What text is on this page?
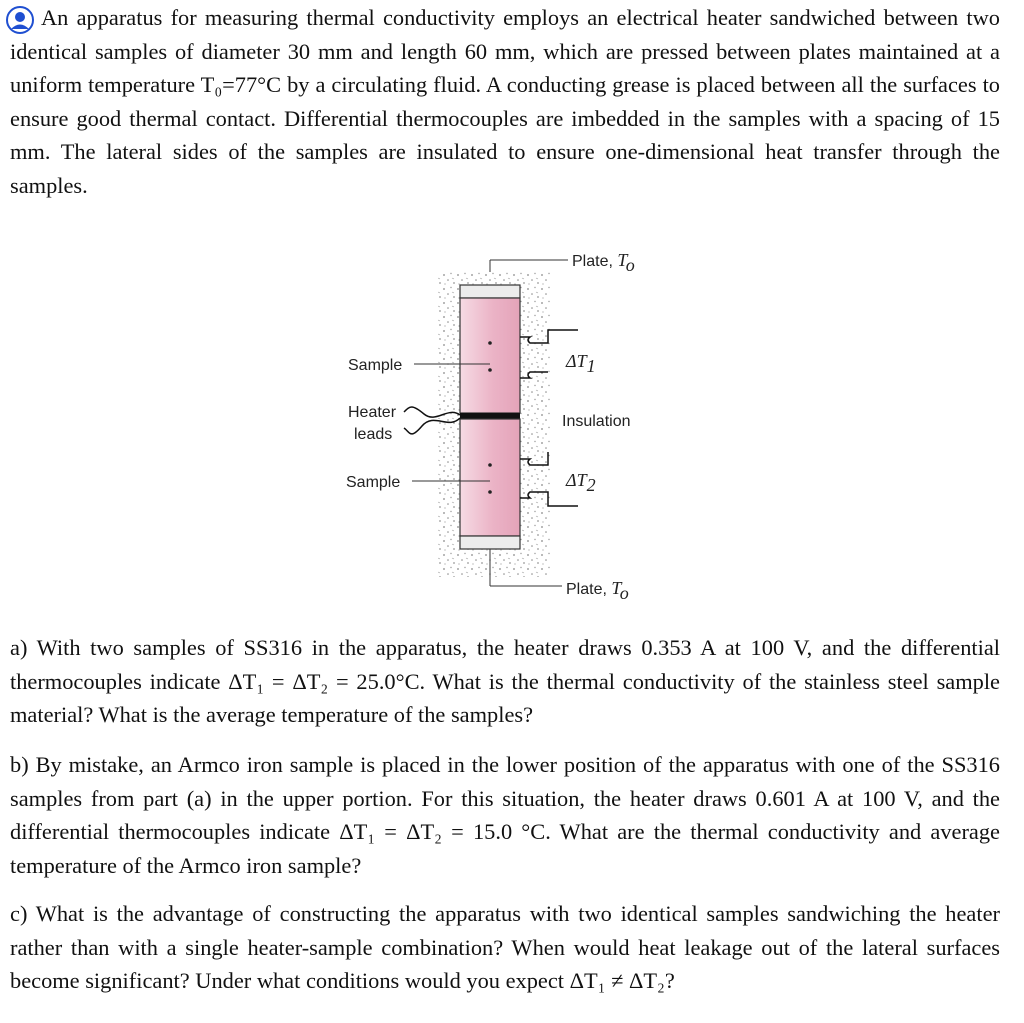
An apparatus for measuring thermal conductivity employs an electrical heater sandwiched between two identical samples of diameter 30 mm and length 60 mm, which are pressed between plates maintained at a uniform temperature T₀=77°C by a circulating fluid. A conducting grease is placed between all the surfaces to ensure good thermal contact. Differential thermocouples are imbedded in the samples with a spacing of 15 mm. The lateral sides of the samples are insulated to ensure one-dimensional heat transfer through the samples.

Plate, To
Plate, To
Sample
Sample
Heater
leads
Insulation
ΔT1
ΔT2

a) With two samples of SS316 in the apparatus, the heater draws 0.353 A at 100 V, and the differential thermocouples indicate ΔT₁ = ΔT₂ = 25.0°C. What is the thermal conductivity of the stainless steel sample material? What is the average temperature of the samples?

b) By mistake, an Armco iron sample is placed in the lower position of the apparatus with one of the SS316 samples from part (a) in the upper portion. For this situation, the heater draws 0.601 A at 100 V, and the differential thermocouples indicate ΔT₁ = ΔT₂ = 15.0 °C. What are the thermal conductivity and average temperature of the Armco iron sample?

c) What is the advantage of constructing the apparatus with two identical samples sandwiching the heater rather than with a single heater-sample combination? When would heat leakage out of the lateral surfaces become significant? Under what conditions would you expect ΔT₁ ≠ ΔT₂?
